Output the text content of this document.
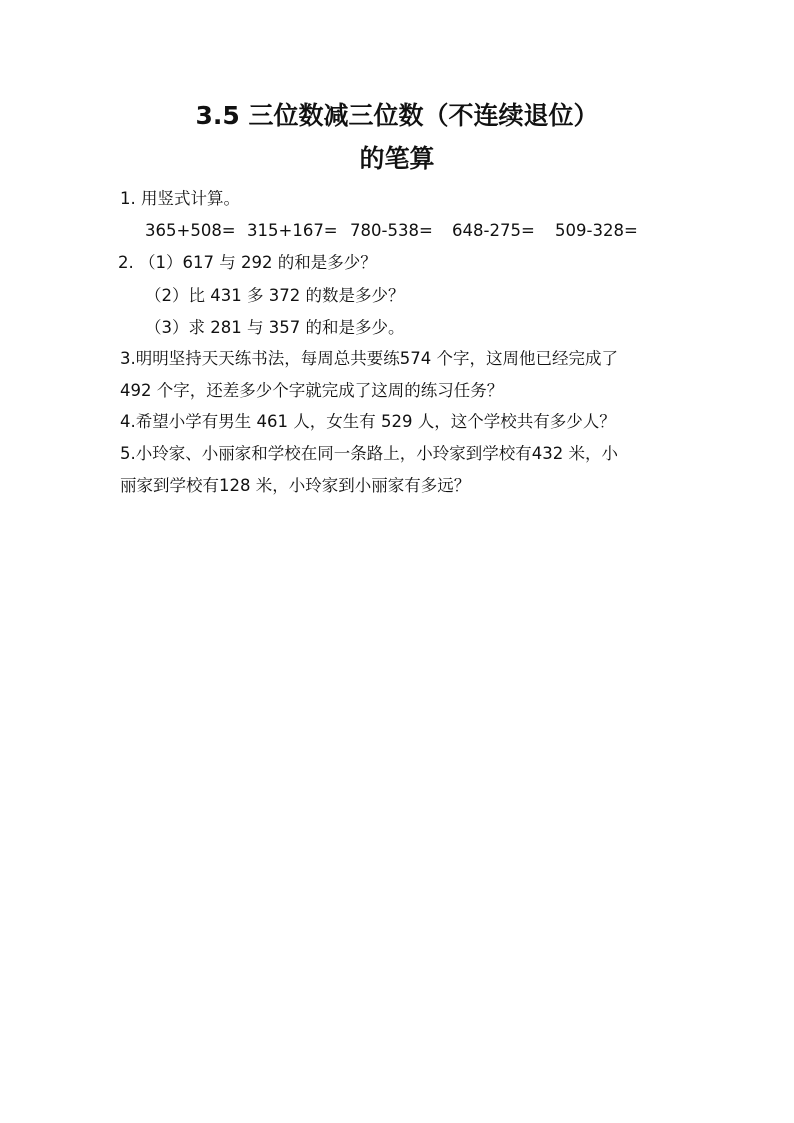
3.5 三位数减三位数（不连续退位）
的笔算
1. 用竖式计算。
365+508= 315+167= 780-538=	648-275=	509-328=
2. （1）617 与 292 的和是多少？
（2）比 431 多 372 的数是多少？
（3）求 281 与 357 的和是多少。
3.明明坚持天天练书法，每周总共要练574 个字，这周他已经完成了
492 个字，还差多少个字就完成了这周的练习任务？
4.希望小学有男生 461 人，女生有 529 人，这个学校共有多少人？
5.小玲家、小丽家和学校在同一条路上，小玲家到学校有432 米，小
丽家到学校有128 米，小玲家到小丽家有多远？
